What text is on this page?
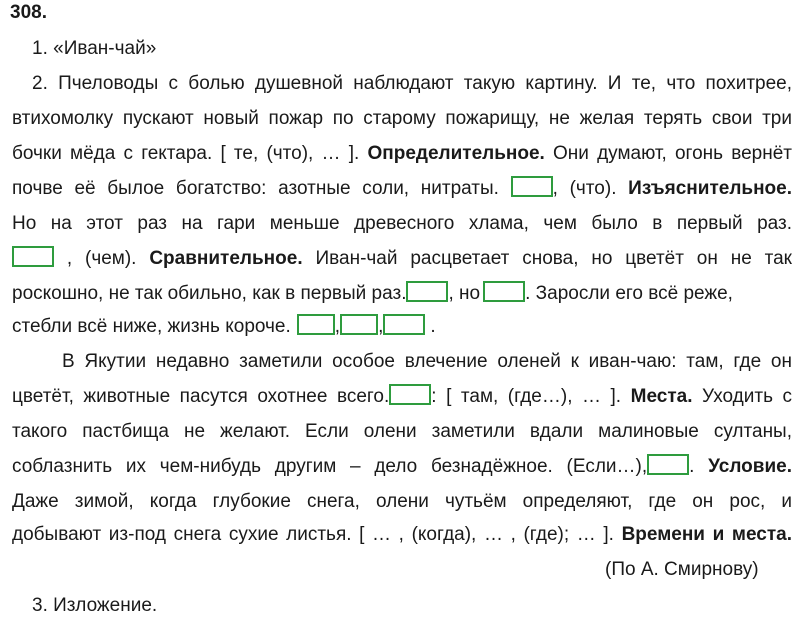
308.
1. «Иван-чай»
2. Пчеловоды с болью душевной наблюдают такую картину. И те, что похитрее,
втихомолку пускают новый пожар по старому пожарищу, не желая терять свои три
бочки мёда с гектара. [ те, (что), … ]. Определительное. Они думают, огонь вернёт
почве её былое богатство: азотные соли, нитраты.	, (что). Изъяснительное.
Но на этот раз на гари меньше древесного хлама, чем было в первый раз.
, (чем). Сравнительное. Иван-чай расцветает снова, но цветёт он не так
роскошно, не так обильно, как в первый раз. , но . Заросли его всё реже,
стебли всё ниже, жизнь короче. , , .
В Якутии недавно заметили особое влечение оленей к иван-чаю: там, где он
цветёт, животные пасутся охотнее всего. : [ там, (где…), … ]. Места. Уходить с
такого пастбища не желают. Если олени заметили вдали малиновые султаны,
соблазнить их чем-нибудь другим – дело безнадёжное. (Если…), . Условие.
Даже зимой, когда глубокие снега, олени чутьём определяют, где он рос, и
добывают из-под снега сухие листья. [ … , (когда), … , (где); … ]. Времени и места.
(По А. Смирнову)
3. Изложение.
